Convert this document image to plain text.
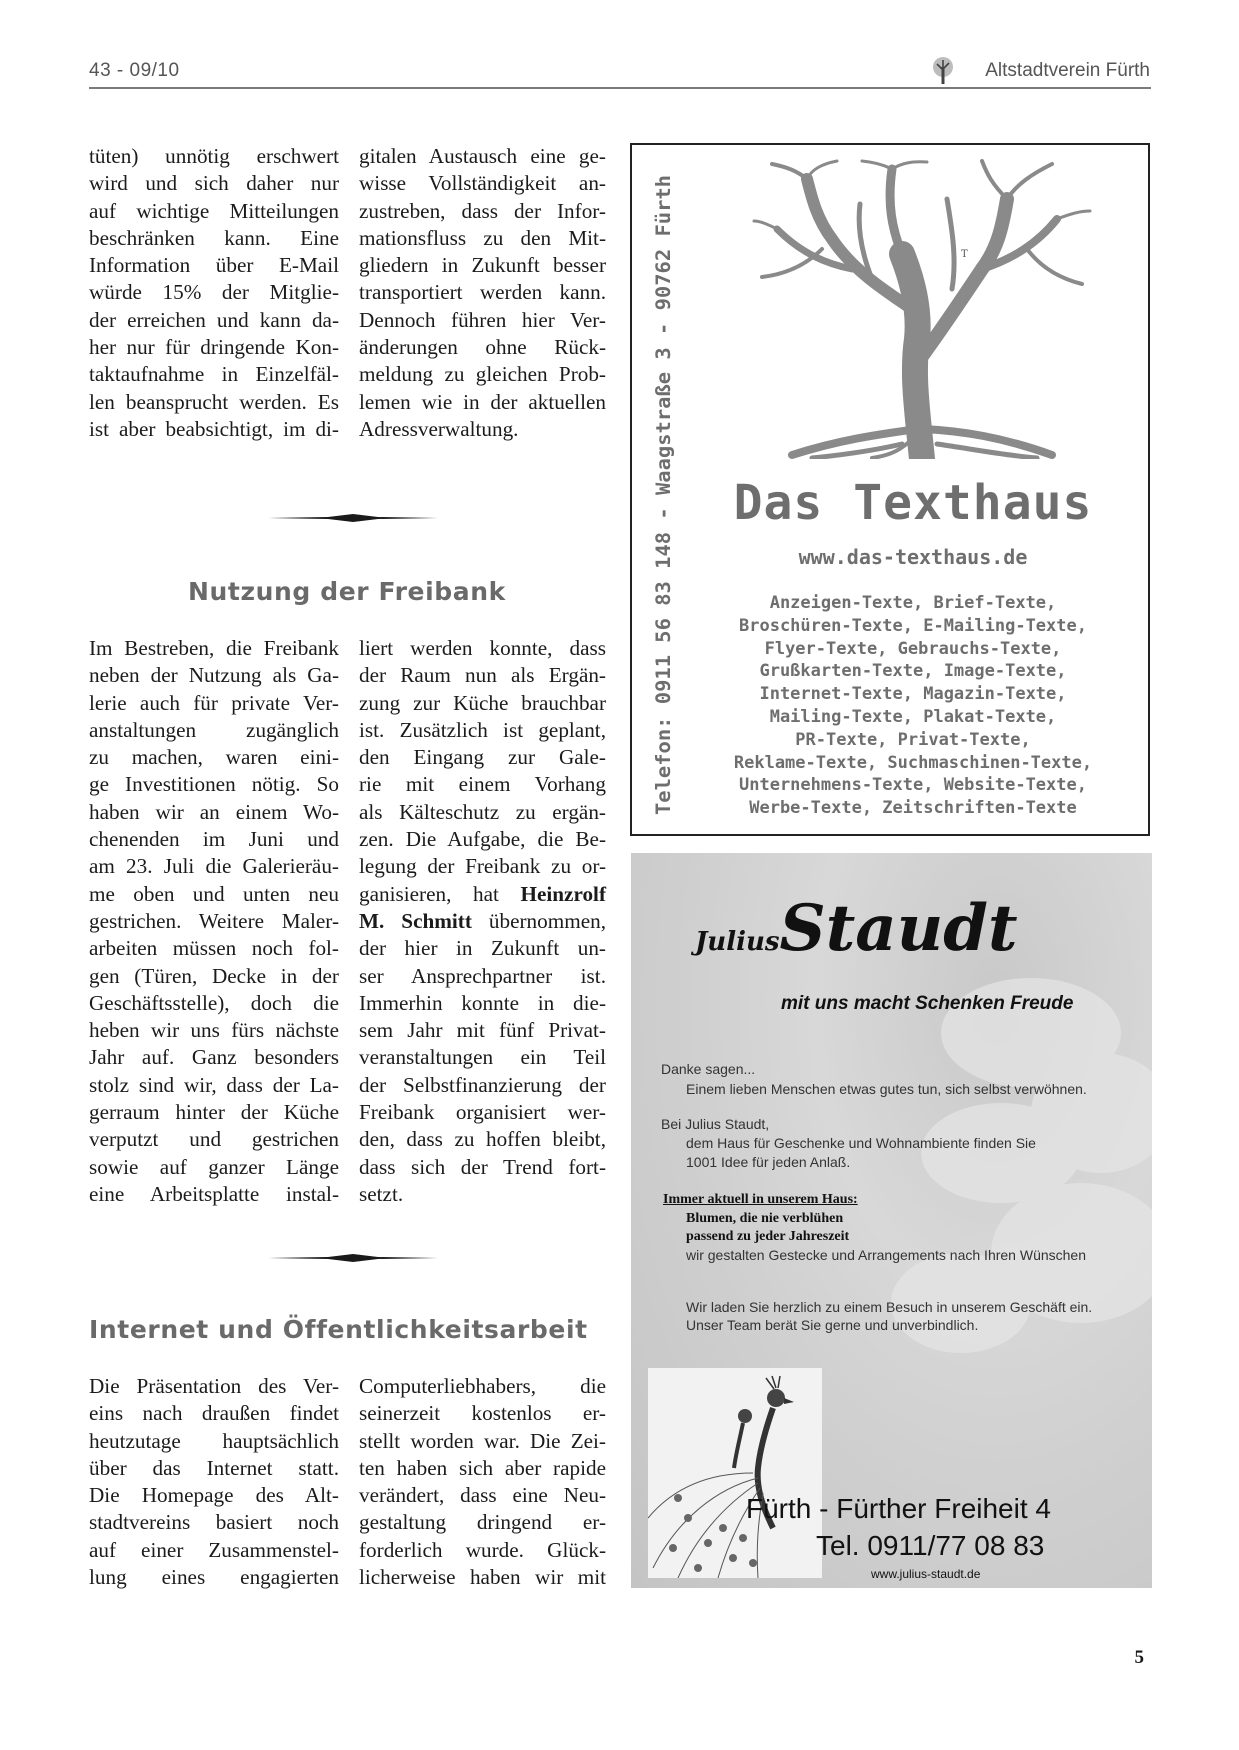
43 - 09/10	Altstadtverein Fürth
tüten) unnötig erschwert
wird und sich daher nur
auf wichtige Mitteilungen
beschränken kann. Eine
Information über E-Mail
würde 15% der Mitglie-
der erreichen und kann da-
her nur für dringende Kon-
taktaufnahme in Einzelfäl-
len beansprucht werden. Es
ist aber beabsichtigt, im di-
gitalen Austausch eine ge-
wisse Vollständigkeit an-
zustreben, dass der Infor-
mationsfluss zu den Mit-
gliedern in Zukunft besser
transportiert werden kann.
Dennoch führen hier Ver-
änderungen ohne Rück-
meldung zu gleichen Prob-
lemen wie in der aktuellen
Adressverwaltung.
Nutzung der Freibank
Im Bestreben, die Freibank
neben der Nutzung als Ga-
lerie auch für private Ver-
anstaltungen zugänglich
zu machen, waren eini-
ge Investitionen nötig. So
haben wir an einem Wo-
chenenden im Juni und
am 23. Juli die Galerieräu-
me oben und unten neu
gestrichen. Weitere Maler-
arbeiten müssen noch fol-
gen (Türen, Decke in der
Geschäftsstelle), doch die
heben wir uns fürs nächste
Jahr auf. Ganz besonders
stolz sind wir, dass der La-
gerraum hinter der Küche
verputzt und gestrichen
sowie auf ganzer Länge
eine Arbeitsplatte instal-
liert werden konnte, dass
der Raum nun als Ergän-
zung zur Küche brauchbar
ist. Zusätzlich ist geplant,
den Eingang zur Gale-
rie mit einem Vorhang
als Kälteschutz zu ergän-
zen. Die Aufgabe, die Be-
legung der Freibank zu or-
ganisieren, hat Heinzrolf
M. Schmitt übernommen,
der hier in Zukunft un-
ser Ansprechpartner ist.
Immerhin konnte in die-
sem Jahr mit fünf Privat-
veranstaltungen ein Teil
der Selbstfinanzierung der
Freibank organisiert wer-
den, dass zu hoffen bleibt,
dass sich der Trend fort-
setzt.
Internet und Öffentlichkeitsarbeit
Die Präsentation des Ver-
eins nach draußen findet
heutzutage hauptsächlich
über das Internet statt.
Die Homepage des Alt-
stadtvereins basiert noch
auf einer Zusammenstel-
lung eines engagierten
Computerliebhabers, die
seinerzeit kostenlos er-
stellt worden war. Die Zei-
ten haben sich aber rapide
verändert, dass eine Neu-
gestaltung dringend er-
forderlich wurde. Glück-
licherweise haben wir mit
Telefon: 0911 56 83 148 - Waagstraße 3 - 90762 Fürth	T
Das Texthaus
www.das-texthaus.de
Anzeigen-Texte, Brief-Texte,
Broschüren-Texte, E-Mailing-Texte,
Flyer-Texte, Gebrauchs-Texte,
Grußkarten-Texte, Image-Texte,
Internet-Texte, Magazin-Texte,
Mailing-Texte, Plakat-Texte,
PR-Texte, Privat-Texte,
Reklame-Texte, Suchmaschinen-Texte,
Unternehmens-Texte, Website-Texte,
Werbe-Texte, Zeitschriften-Texte
JuliusStaudt
mit uns macht Schenken Freude
Danke sagen...
Einem lieben Menschen etwas gutes tun, sich selbst verwöhnen.
Bei Julius Staudt,
dem Haus für Geschenke und Wohnambiente finden Sie
1001 Idee für jeden Anlaß.
Immer aktuell in unserem Haus:
Blumen, die nie verblühen
passend zu jeder Jahreszeit
wir gestalten Gestecke und Arrangements nach Ihren Wünschen
Wir laden Sie herzlich zu einem Besuch in unserem Geschäft ein.
Unser Team berät Sie gerne und unverbindlich.
Fürth - Fürther Freiheit 4
Tel. 0911/77 08 83
www.julius-staudt.de
5
